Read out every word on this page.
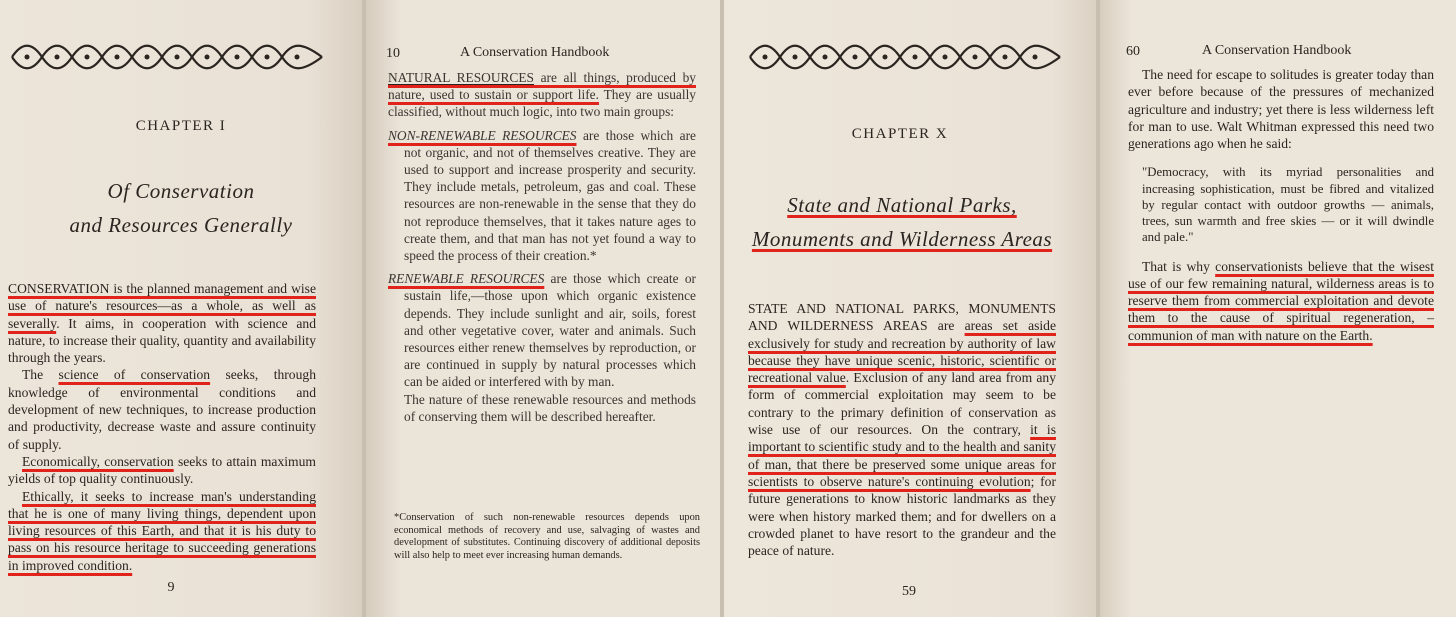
CHAPTER I
Of Conservation
and Resources Generally

CONSERVATION is the planned management and wise use of nature's resources—as a whole, as well as severally. It aims, in cooperation with science and nature, to increase their quality, quantity and availability through the years.

The science of conservation seeks, through knowledge of environmental conditions and development of new techniques, to increase production and productivity, decrease waste and assure continuity of supply.

Economically, conservation seeks to attain maximum yields of top quality continuously.

Ethically, it seeks to increase man's understanding that he is one of many living things, dependent upon living resources of this Earth, and that it is his duty to pass on his resource heritage to succeeding generations in improved condition.

9
10	A Conservation Handbook

NATURAL RESOURCES are all things, produced by nature, used to sustain or support life. They are usually classified, without much logic, into two main groups:

NON-RENEWABLE RESOURCES are those which are not organic, and not of themselves creative. They are used to support and increase prosperity and security. They include metals, petroleum, gas and coal. These resources are non-renewable in the sense that they do not reproduce themselves, that it takes nature ages to create them, and that man has not yet found a way to speed the process of their creation.*

RENEWABLE RESOURCES are those which create or sustain life,—those upon which organic existence depends. They include sunlight and air, soils, forest and other vegetative cover, water and animals. Such resources either renew themselves by reproduction, or are continued in supply by natural processes which can be aided or interfered with by man.

The nature of these renewable resources and methods of conserving them will be described hereafter.

*Conservation of such non-renewable resources depends upon economical methods of recovery and use, salvaging of wastes and development of substitutes. Continuing discovery of additional deposits will also help to meet ever increasing human demands.
CHAPTER X
State and National Parks,
Monuments and Wilderness Areas

STATE AND NATIONAL PARKS, MONUMENTS AND WILDERNESS AREAS are areas set aside exclusively for study and recreation by authority of law because they have unique scenic, historic, scientific or recreational value. Exclusion of any land area from any form of commercial exploitation may seem to be contrary to the primary definition of conservation as wise use of our resources. On the contrary, it is important to scientific study and to the health and sanity of man, that there be preserved some unique areas for scientists to observe nature's continuing evolution; for future generations to know historic landmarks as they were when history marked them; and for dwellers on a crowded planet to have resort to the grandeur and the peace of nature.

59
60	A Conservation Handbook

The need for escape to solitudes is greater today than ever before because of the pressures of mechanized agriculture and industry; yet there is less wilderness left for man to use. Walt Whitman expressed this need two generations ago when he said:

"Democracy, with its myriad personalities and increasing sophistication, must be fibred and vitalized by regular contact with outdoor growths — animals, trees, sun warmth and free skies — or it will dwindle and pale."

That is why conservationists believe that the wisest use of our few remaining natural, wilderness areas is to reserve them from commercial exploitation and devote them to the cause of spiritual regeneration, – communion of man with nature on the Earth.
